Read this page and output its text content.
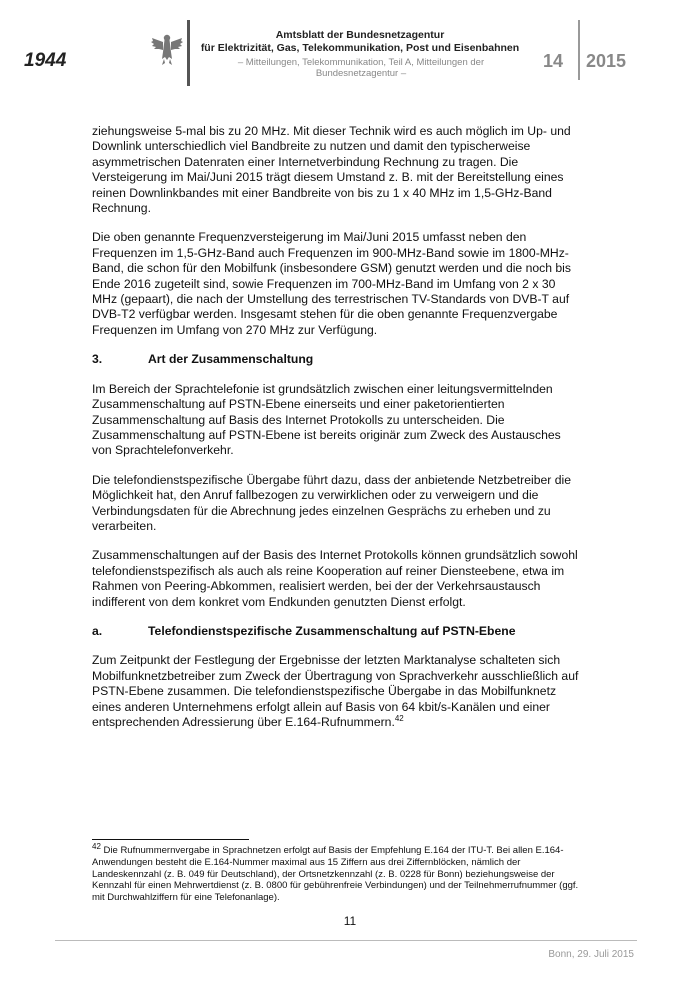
1944
Amtsblatt der Bundesnetzagentur
für Elektrizität, Gas, Telekommunikation, Post und Eisenbahnen
– Mitteilungen, Telekommunikation, Teil A, Mitteilungen der Bundesnetzagentur –
14 2015

ziehungsweise 5-mal bis zu 20 MHz. Mit dieser Technik wird es auch möglich im Up- und Downlink unterschiedlich viel Bandbreite zu nutzen und damit den typischerweise asymmetrischen Datenraten einer Internetverbindung Rechnung zu tragen. Die Versteigerung im Mai/Juni 2015 trägt diesem Umstand z. B. mit der Bereitstellung eines reinen Downlinkbandes mit einer Bandbreite von bis zu 1 x 40 MHz im 1,5-GHz-Band Rechnung.

Die oben genannte Frequenzversteigerung im Mai/Juni 2015 umfasst neben den Frequenzen im 1,5-GHz-Band auch Frequenzen im 900-MHz-Band sowie im 1800-MHz-Band, die schon für den Mobilfunk (insbesondere GSM) genutzt werden und die noch bis Ende 2016 zugeteilt sind, sowie Frequenzen im 700-MHz-Band im Umfang von 2 x 30 MHz (gepaart), die nach der Umstellung des terrestrischen TV-Standards von DVB-T auf DVB-T2 verfügbar werden. Insgesamt stehen für die oben genannte Frequenzvergabe Frequenzen im Umfang von 270 MHz zur Verfügung.

3.	Art der Zusammenschaltung

Im Bereich der Sprachtelefonie ist grundsätzlich zwischen einer leitungsvermittelnden Zusammenschaltung auf PSTN-Ebene einerseits und einer paketorientierten Zusammenschaltung auf Basis des Internet Protokolls zu unterscheiden. Die Zusammenschaltung auf PSTN-Ebene ist bereits originär zum Zweck des Austausches von Sprachtelefonverkehr.

Die telefondienstspezifische Übergabe führt dazu, dass der anbietende Netzbetreiber die Möglichkeit hat, den Anruf fallbezogen zu verwirklichen oder zu verweigern und die Verbindungsdaten für die Abrechnung jedes einzelnen Gesprächs zu erheben und zu verarbeiten.

Zusammenschaltungen auf der Basis des Internet Protokolls können grundsätzlich sowohl telefondienstspezifisch als auch als reine Kooperation auf reiner Diensteebene, etwa im Rahmen von Peering-Abkommen, realisiert werden, bei der der Verkehrsaustausch indifferent von dem konkret vom Endkunden genutzten Dienst erfolgt.

a.	Telefondienstspezifische Zusammenschaltung auf PSTN-Ebene

Zum Zeitpunkt der Festlegung der Ergebnisse der letzten Marktanalyse schalteten sich Mobilfunknetzbetreiber zum Zweck der Übertragung von Sprachverkehr ausschließlich auf PSTN-Ebene zusammen. Die telefondienstspezifische Übergabe in das Mobilfunknetz eines anderen Unternehmens erfolgt allein auf Basis von 64 kbit/s-Kanälen und einer entsprechenden Adressierung über E.164-Rufnummern.$^{42}$

$^{42}$ Die Rufnummernvergabe in Sprachnetzen erfolgt auf Basis der Empfehlung E.164 der ITU-T. Bei allen E.164-Anwendungen besteht die E.164-Nummer maximal aus 15 Ziffern aus drei Ziffernblöcken, nämlich der Landeskennzahl (z. B. 049 für Deutschland), der Ortsnetzkennzahl (z. B. 0228 für Bonn) beziehungsweise der Kennzahl für einen Mehrwertdienst (z. B. 0800 für gebührenfreie Verbindungen) und der Teilnehmerrufnummer (ggf. mit Durchwahlziffern für eine Telefonanlage).
11
Bonn, 29. Juli 2015
